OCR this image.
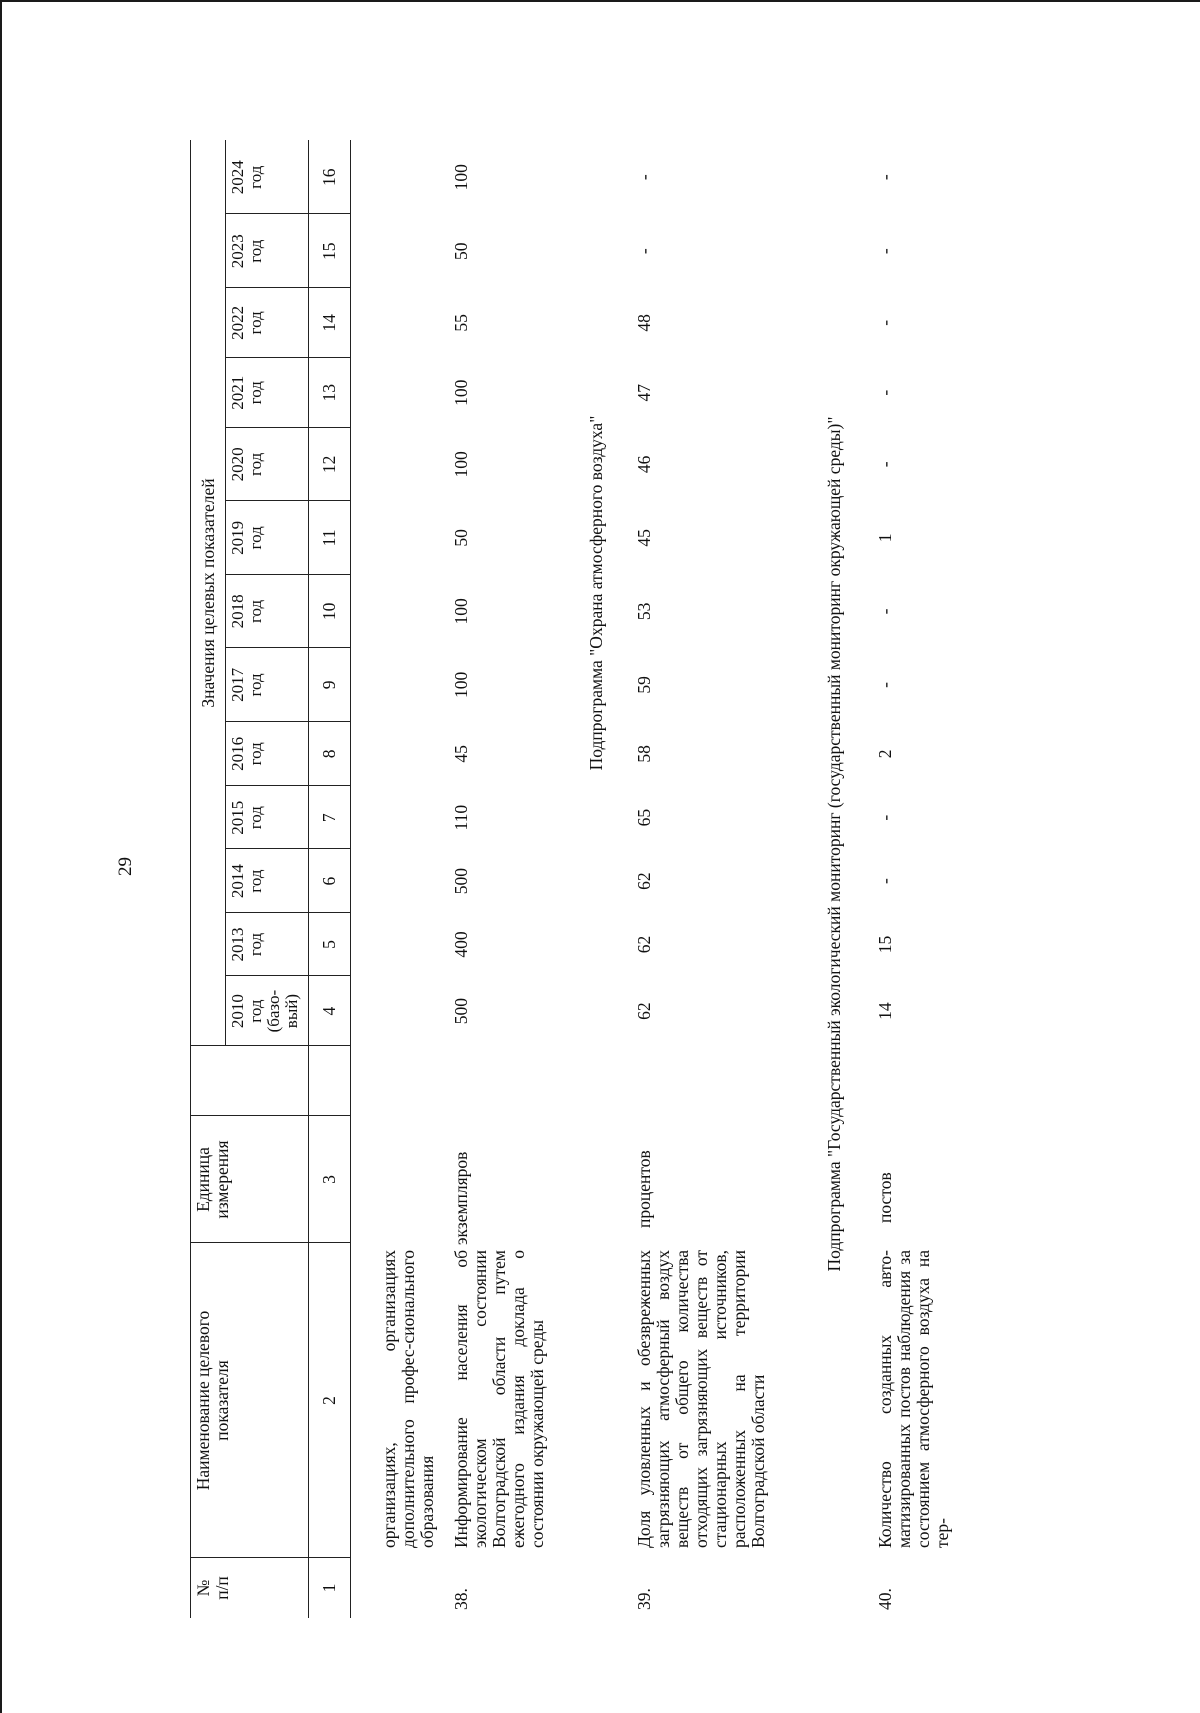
29
№ п/п
Наименование целевого показателя
Единица измерения
Значения целевых показателей
2010 год (базо-вый)
2013 год
2014 год
2015 год
2016 год
2017 год
2018 год
2019 год
2020 год
2021 год
2022 год
2023 год
2024 год
1
2
3
4
5
6
7
8
9
10
11
12
13
14
15
16
организациях, организациях дополнительного профес-сионального образования
38.
Информирование населения об экологическом состоянии Волгоградской области путем ежегодного издания доклада о состоянии окружающей среды
экземпляров
500
400
500
110
45
100
100
50
100
100
55
50
100
Подпрограмма "Охрана атмосферного воздуха"
39.
Доля уловленных и обезвреженных загрязняющих атмосферный воздух веществ от общего количества отходящих загрязняющих веществ от стационарных источников, расположенных на территории Волгоградской области
процентов
62
62
62
65
58
59
53
45
46
47
48
-
-
Подпрограмма "Государственный экологический мониторинг (государственный мониторинг окружающей среды)"
40.
Количество созданных авто-матизированных постов наблюдения за состоянием атмосферного воздуха на тер-
постов
14
15
-
-
2
-
-
1
-
-
-
-
-
